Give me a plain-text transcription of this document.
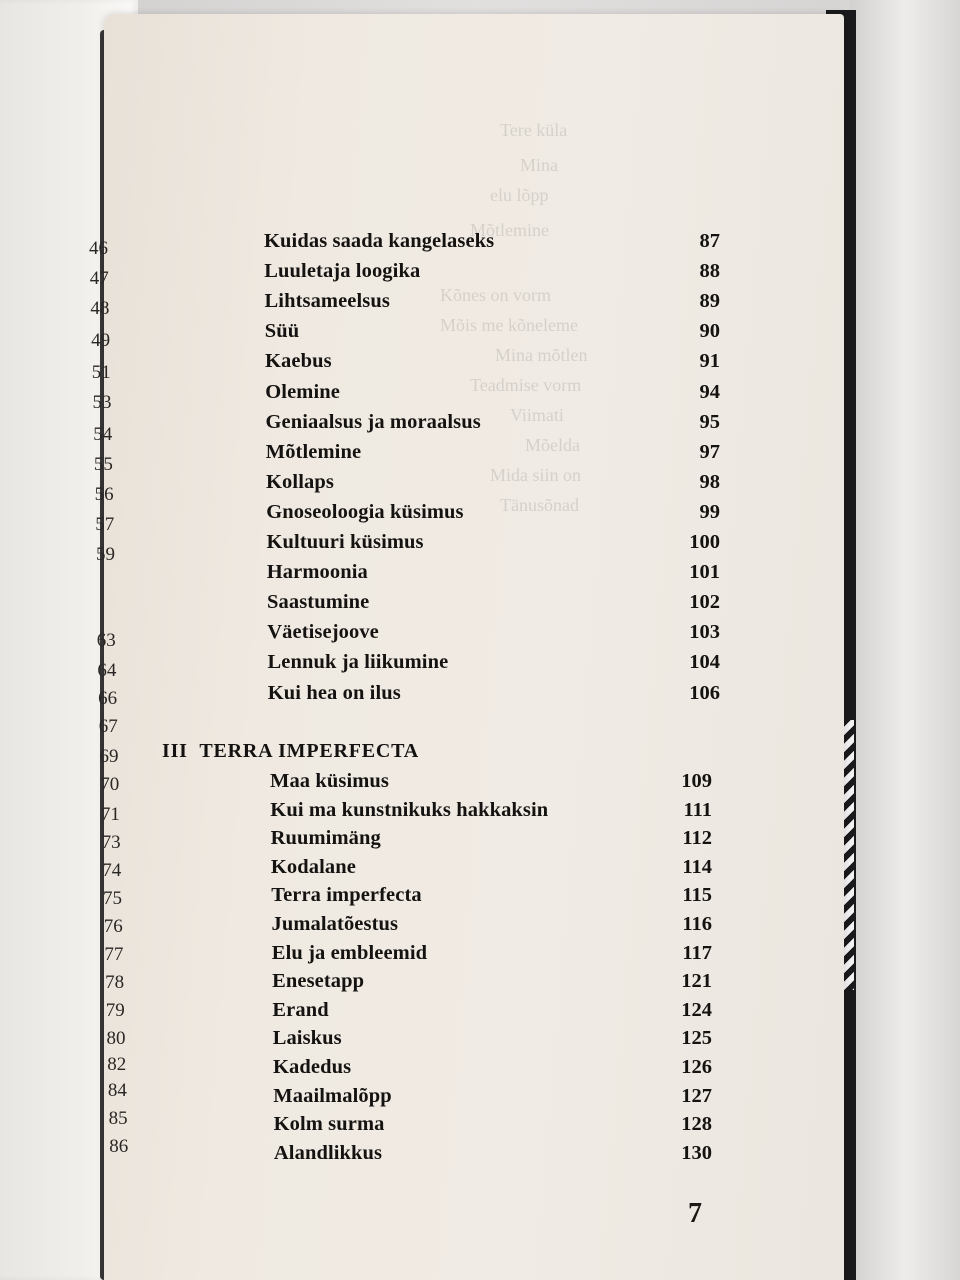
Tere küla
Mina
elu lõpp
Mõtlemine
Kõnes on vorm
Mõis me kõneleme
Mina mõtlen
Teadmise vorm
Viimati
Mõelda
Mida siin on
Tänusõnad
46
47
48
49
51
53
54
55
56
57
59
63
64
66
67
69
70
71
73
74
75
76
77
78
79
80
82
84
85
86
Kuidas saada kangelaseks	87
Luuletaja loogika	88
Lihtsameelsus	89
Süü	90
Kaebus	91
Olemine	94
Geniaalsus ja moraalsus	95
Mõtlemine	97
Kollaps	98
Gnoseoloogia küsimus	99
Kultuuri küsimus	100
Harmoonia	101
Saastumine	102
Väetisejoove	103
Lennuk ja liikumine	104
Kui hea on ilus	106
Maa küsimus	109
Kui ma kunstnikuks hakkaksin	111
Ruumimäng	112
Kodalane	114
Terra imperfecta	115
Jumalatõestus	116
Elu ja embleemid	117
Enesetapp	121
Erand	124
Laiskus	125
Kadedus	126
Maailmalõpp	127
Kolm surma	128
Alandlikkus	130
III TERRA IMPERFECTA
7
